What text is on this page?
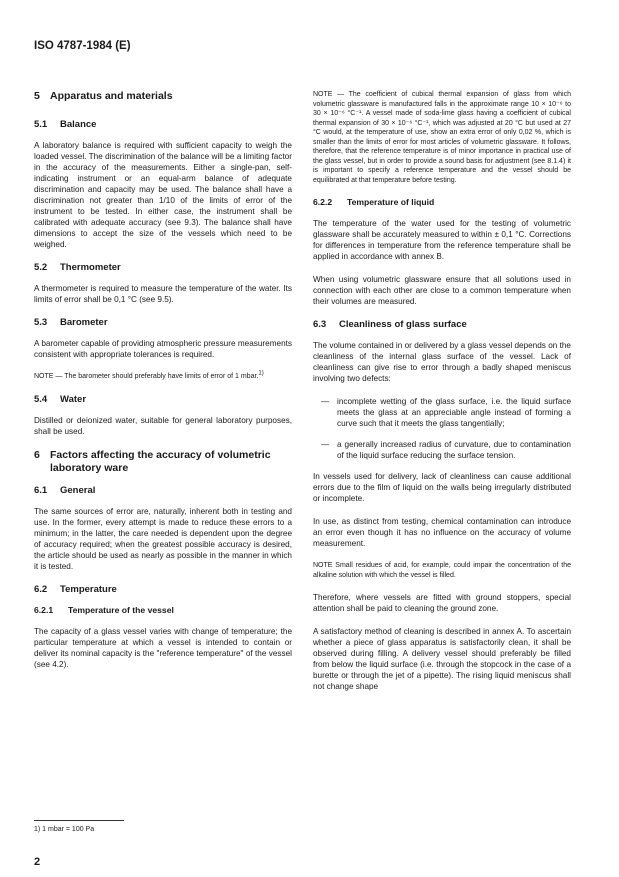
ISO 4787-1984 (E)
5 Apparatus and materials
5.1	Balance

A laboratory balance is required with sufficient capacity to weigh the loaded vessel. The discrimination of the balance will be a limiting factor in the accuracy of the measurements. Either a single-pan, self-indicating instrument or an equal-arm balance of adequate discrimination and capacity may be used. The balance shall have a discrimination not greater than 1/10 of the limits of error of the instrument to be tested. In either case, the instrument shall be calibrated with adequate accuracy (see 9.3). The balance shall have dimensions to accept the size of the vessels which need to be weighed.

5.2	Thermometer

A thermometer is required to measure the temperature of the water. Its limits of error shall be 0,1 °C (see 9.5).

5.3	Barometer

A barometer capable of providing atmospheric pressure measurements consistent with appropriate tolerances is required.

NOTE — The barometer should preferably have limits of error of 1 mbar.1)
5.4	Water

Distilled or deionized water, suitable for general laboratory purposes, shall be used.

6 Factors affecting the accuracy of volumetric laboratory ware
6.1	General

The same sources of error are, naturally, inherent both in testing and use. In the former, every attempt is made to reduce these errors to a minimum; in the latter, the care needed is dependent upon the degree of accuracy required; when the greatest possible accuracy is desired, the article should be used as nearly as possible in the manner in which it is tested.

6.2	Temperature
6.2.1	Temperature of the vessel

The capacity of a glass vessel varies with change of temperature; the particular temperature at which a vessel is intended to contain or deliver its nominal capacity is the "reference temperature" of the vessel (see 4.2).

NOTE — The coefficient of cubical thermal expansion of glass from which volumetric glassware is manufactured falls in the approximate range 10 × 10⁻⁶ to 30 × 10⁻⁶ °C⁻¹. A vessel made of soda-lime glass having a coefficient of cubical thermal expansion of 30 × 10⁻⁶ °C⁻¹, which was adjusted at 20 °C but used at 27 °C would, at the temperature of use, show an extra error of only 0,02 %, which is smaller than the limits of error for most articles of volumetric glassware. It follows, therefore, that the reference temperature is of minor importance in practical use of the glass vessel, but in order to provide a sound basis for adjustment (see 8.1.4) it is important to specify a reference temperature and the vessel should be equilibrated at that temperature before testing.
6.2.2	Temperature of liquid

The temperature of the water used for the testing of volumetric glassware shall be accurately measured to within ± 0,1 °C. Corrections for differences in temperature from the reference temperature shall be applied in accordance with annex B.

When using volumetric glassware ensure that all solutions used in connection with each other are close to a common temperature when their volumes are measured.

6.3	Cleanliness of glass surface

The volume contained in or delivered by a glass vessel depends on the cleanliness of the internal glass surface of the vessel. Lack of cleanliness can give rise to error through a badly shaped meniscus involving two defects:

— incomplete wetting of the glass surface, i.e. the liquid surface meets the glass at an appreciable angle instead of forming a curve such that it meets the glass tangentially;
— a generally increased radius of curvature, due to contamination of the liquid surface reducing the surface tension.

In vessels used for delivery, lack of cleanliness can cause additional errors due to the film of liquid on the walls being irregularly distributed or incomplete.

In use, as distinct from testing, chemical contamination can introduce an error even though it has no influence on the accuracy of volume measurement.

NOTE Small residues of acid, for example, could impair the concentration of the alkaline solution with which the vessel is filled.

Therefore, where vessels are fitted with ground stoppers, special attention shall be paid to cleaning the ground zone.

A satisfactory method of cleaning is described in annex A. To ascertain whether a piece of glass apparatus is satisfactorily clean, it shall be observed during filling. A delivery vessel should preferably be filled from below the liquid surface (i.e. through the stopcock in the case of a burette or through the jet of a pipette). The rising liquid meniscus shall not change shape

1) 1 mbar = 100 Pa
2
